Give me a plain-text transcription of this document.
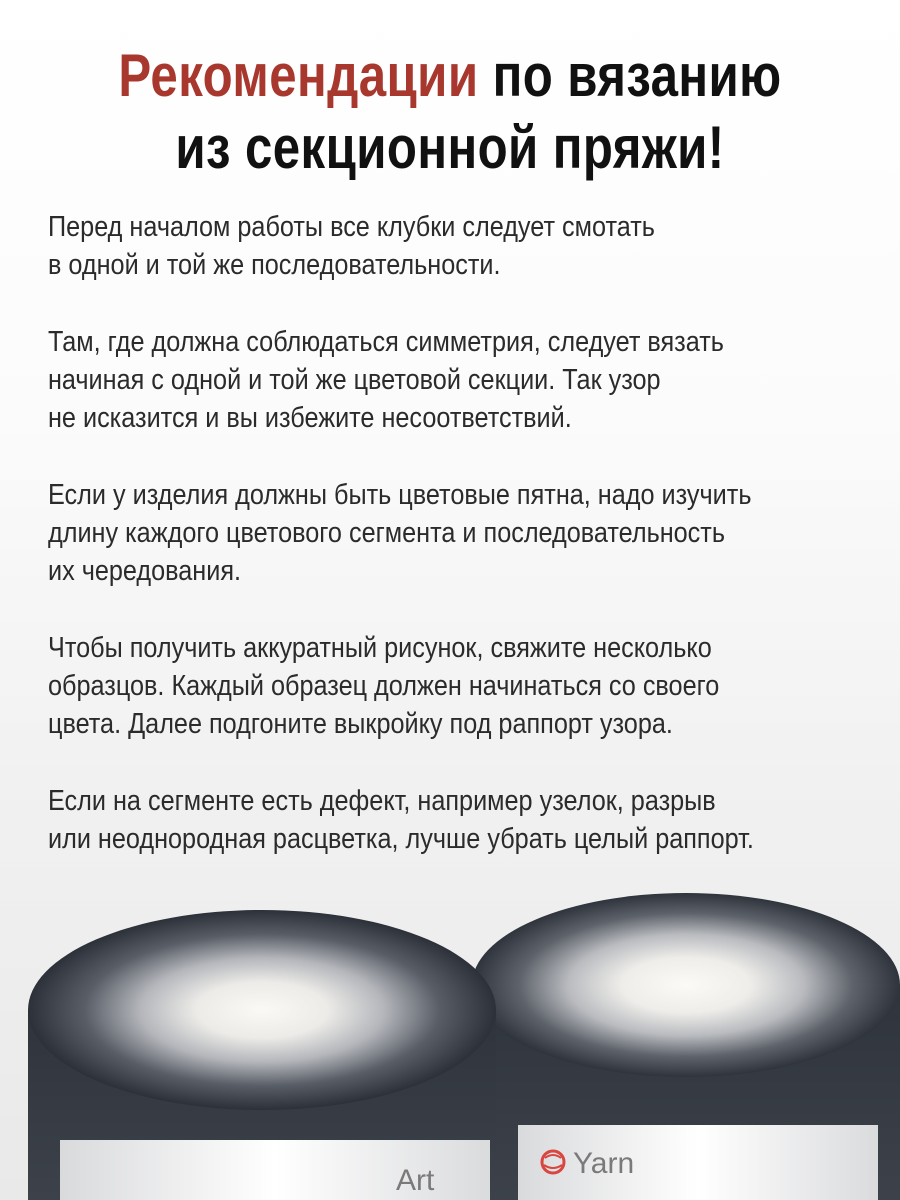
Рекомендации по вязанию
из секционной пряжи!

Перед началом работы все клубки следует смотать
в одной и той же последовательности.

Там, где должна соблюдаться симметрия, следует вязать
начиная с одной и той же цветовой секции. Так узор
не исказится и вы избежите несоответствий.

Если у изделия должны быть цветовые пятна, надо изучить
длину каждого цветового сегмента и последовательность
их чередования.

Чтобы получить аккуратный рисунок, свяжите несколько
образцов. Каждый образец должен начинаться со своего
цвета. Далее подгоните выкройку под раппорт узора.

Если на сегменте есть дефект, например узелок, разрыв
или неоднородная расцветка, лучше убрать целый раппорт.

Yarn
Art
